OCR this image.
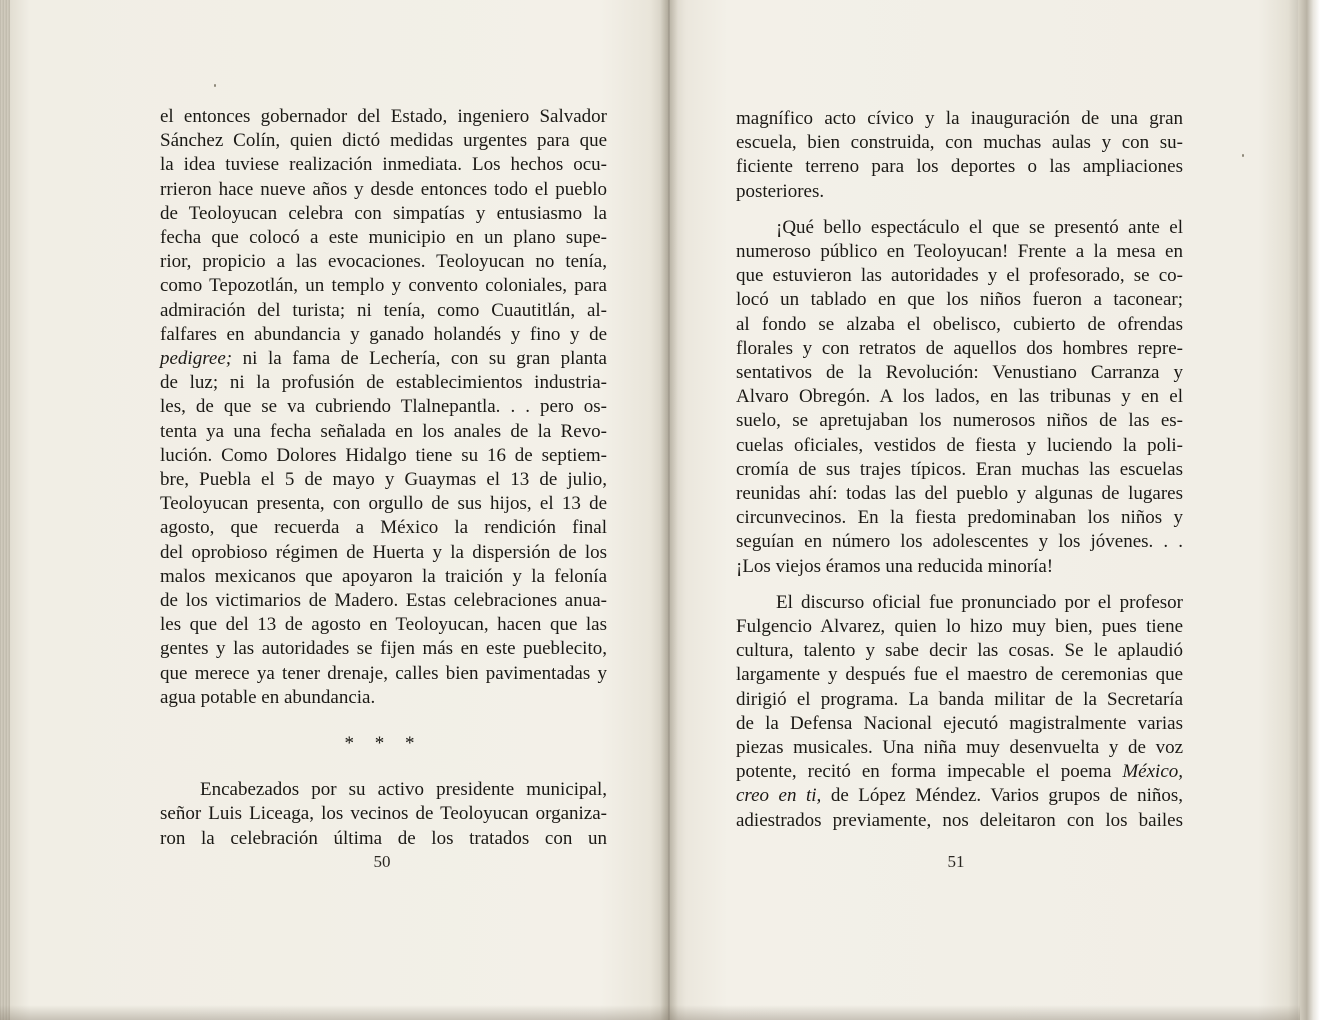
el entonces gobernador del Estado, ingeniero Salvador
Sánchez Colín, quien dictó medidas urgentes para que
la idea tuviese realización inmediata. Los hechos ocu-
rrieron hace nueve años y desde entonces todo el pueblo
de Teoloyucan celebra con simpatías y entusiasmo la
fecha que colocó a este municipio en un plano supe-
rior, propicio a las evocaciones. Teoloyucan no tenía,
como Tepozotlán, un templo y convento coloniales, para
admiración del turista; ni tenía, como Cuautitlán, al-
falfares en abundancia y ganado holandés y fino y de
pedigree; ni la fama de Lechería, con su gran planta
de luz; ni la profusión de establecimientos industria-
les, de que se va cubriendo Tlalnepantla. . . pero os-
tenta ya una fecha señalada en los anales de la Revo-
lución. Como Dolores Hidalgo tiene su 16 de septiem-
bre, Puebla el 5 de mayo y Guaymas el 13 de julio,
Teoloyucan presenta, con orgullo de sus hijos, el 13 de
agosto, que recuerda a México la rendición final
del oprobioso régimen de Huerta y la dispersión de los
malos mexicanos que apoyaron la traición y la felonía
de los victimarios de Madero. Estas celebraciones anua-
les que del 13 de agosto en Teoloyucan, hacen que las
gentes y las autoridades se fijen más en este pueblecito,
que merece ya tener drenaje, calles bien pavimentadas y
agua potable en abundancia.

* * *

Encabezados por su activo presidente municipal,
señor Luis Liceaga, los vecinos de Teoloyucan organiza-
ron la celebración última de los tratados con un
50
magnífico acto cívico y la inauguración de una gran
escuela, bien construida, con muchas aulas y con su-
ficiente terreno para los deportes o las ampliaciones
posteriores.
¡Qué bello espectáculo el que se presentó ante el
numeroso público en Teoloyucan! Frente a la mesa en
que estuvieron las autoridades y el profesorado, se co-
locó un tablado en que los niños fueron a taconear;
al fondo se alzaba el obelisco, cubierto de ofrendas
florales y con retratos de aquellos dos hombres repre-
sentativos de la Revolución: Venustiano Carranza y
Alvaro Obregón. A los lados, en las tribunas y en el
suelo, se apretujaban los numerosos niños de las es-
cuelas oficiales, vestidos de fiesta y luciendo la poli-
cromía de sus trajes típicos. Eran muchas las escuelas
reunidas ahí: todas las del pueblo y algunas de lugares
circunvecinos. En la fiesta predominaban los niños y
seguían en número los adolescentes y los jóvenes. . .
¡Los viejos éramos una reducida minoría!
El discurso oficial fue pronunciado por el profesor
Fulgencio Alvarez, quien lo hizo muy bien, pues tiene
cultura, talento y sabe decir las cosas. Se le aplaudió
largamente y después fue el maestro de ceremonias que
dirigió el programa. La banda militar de la Secretaría
de la Defensa Nacional ejecutó magistralmente varias
piezas musicales. Una niña muy desenvuelta y de voz
potente, recitó en forma impecable el poema México,
creo en ti, de López Méndez. Varios grupos de niños,
adiestrados previamente, nos deleitaron con los bailes
51
